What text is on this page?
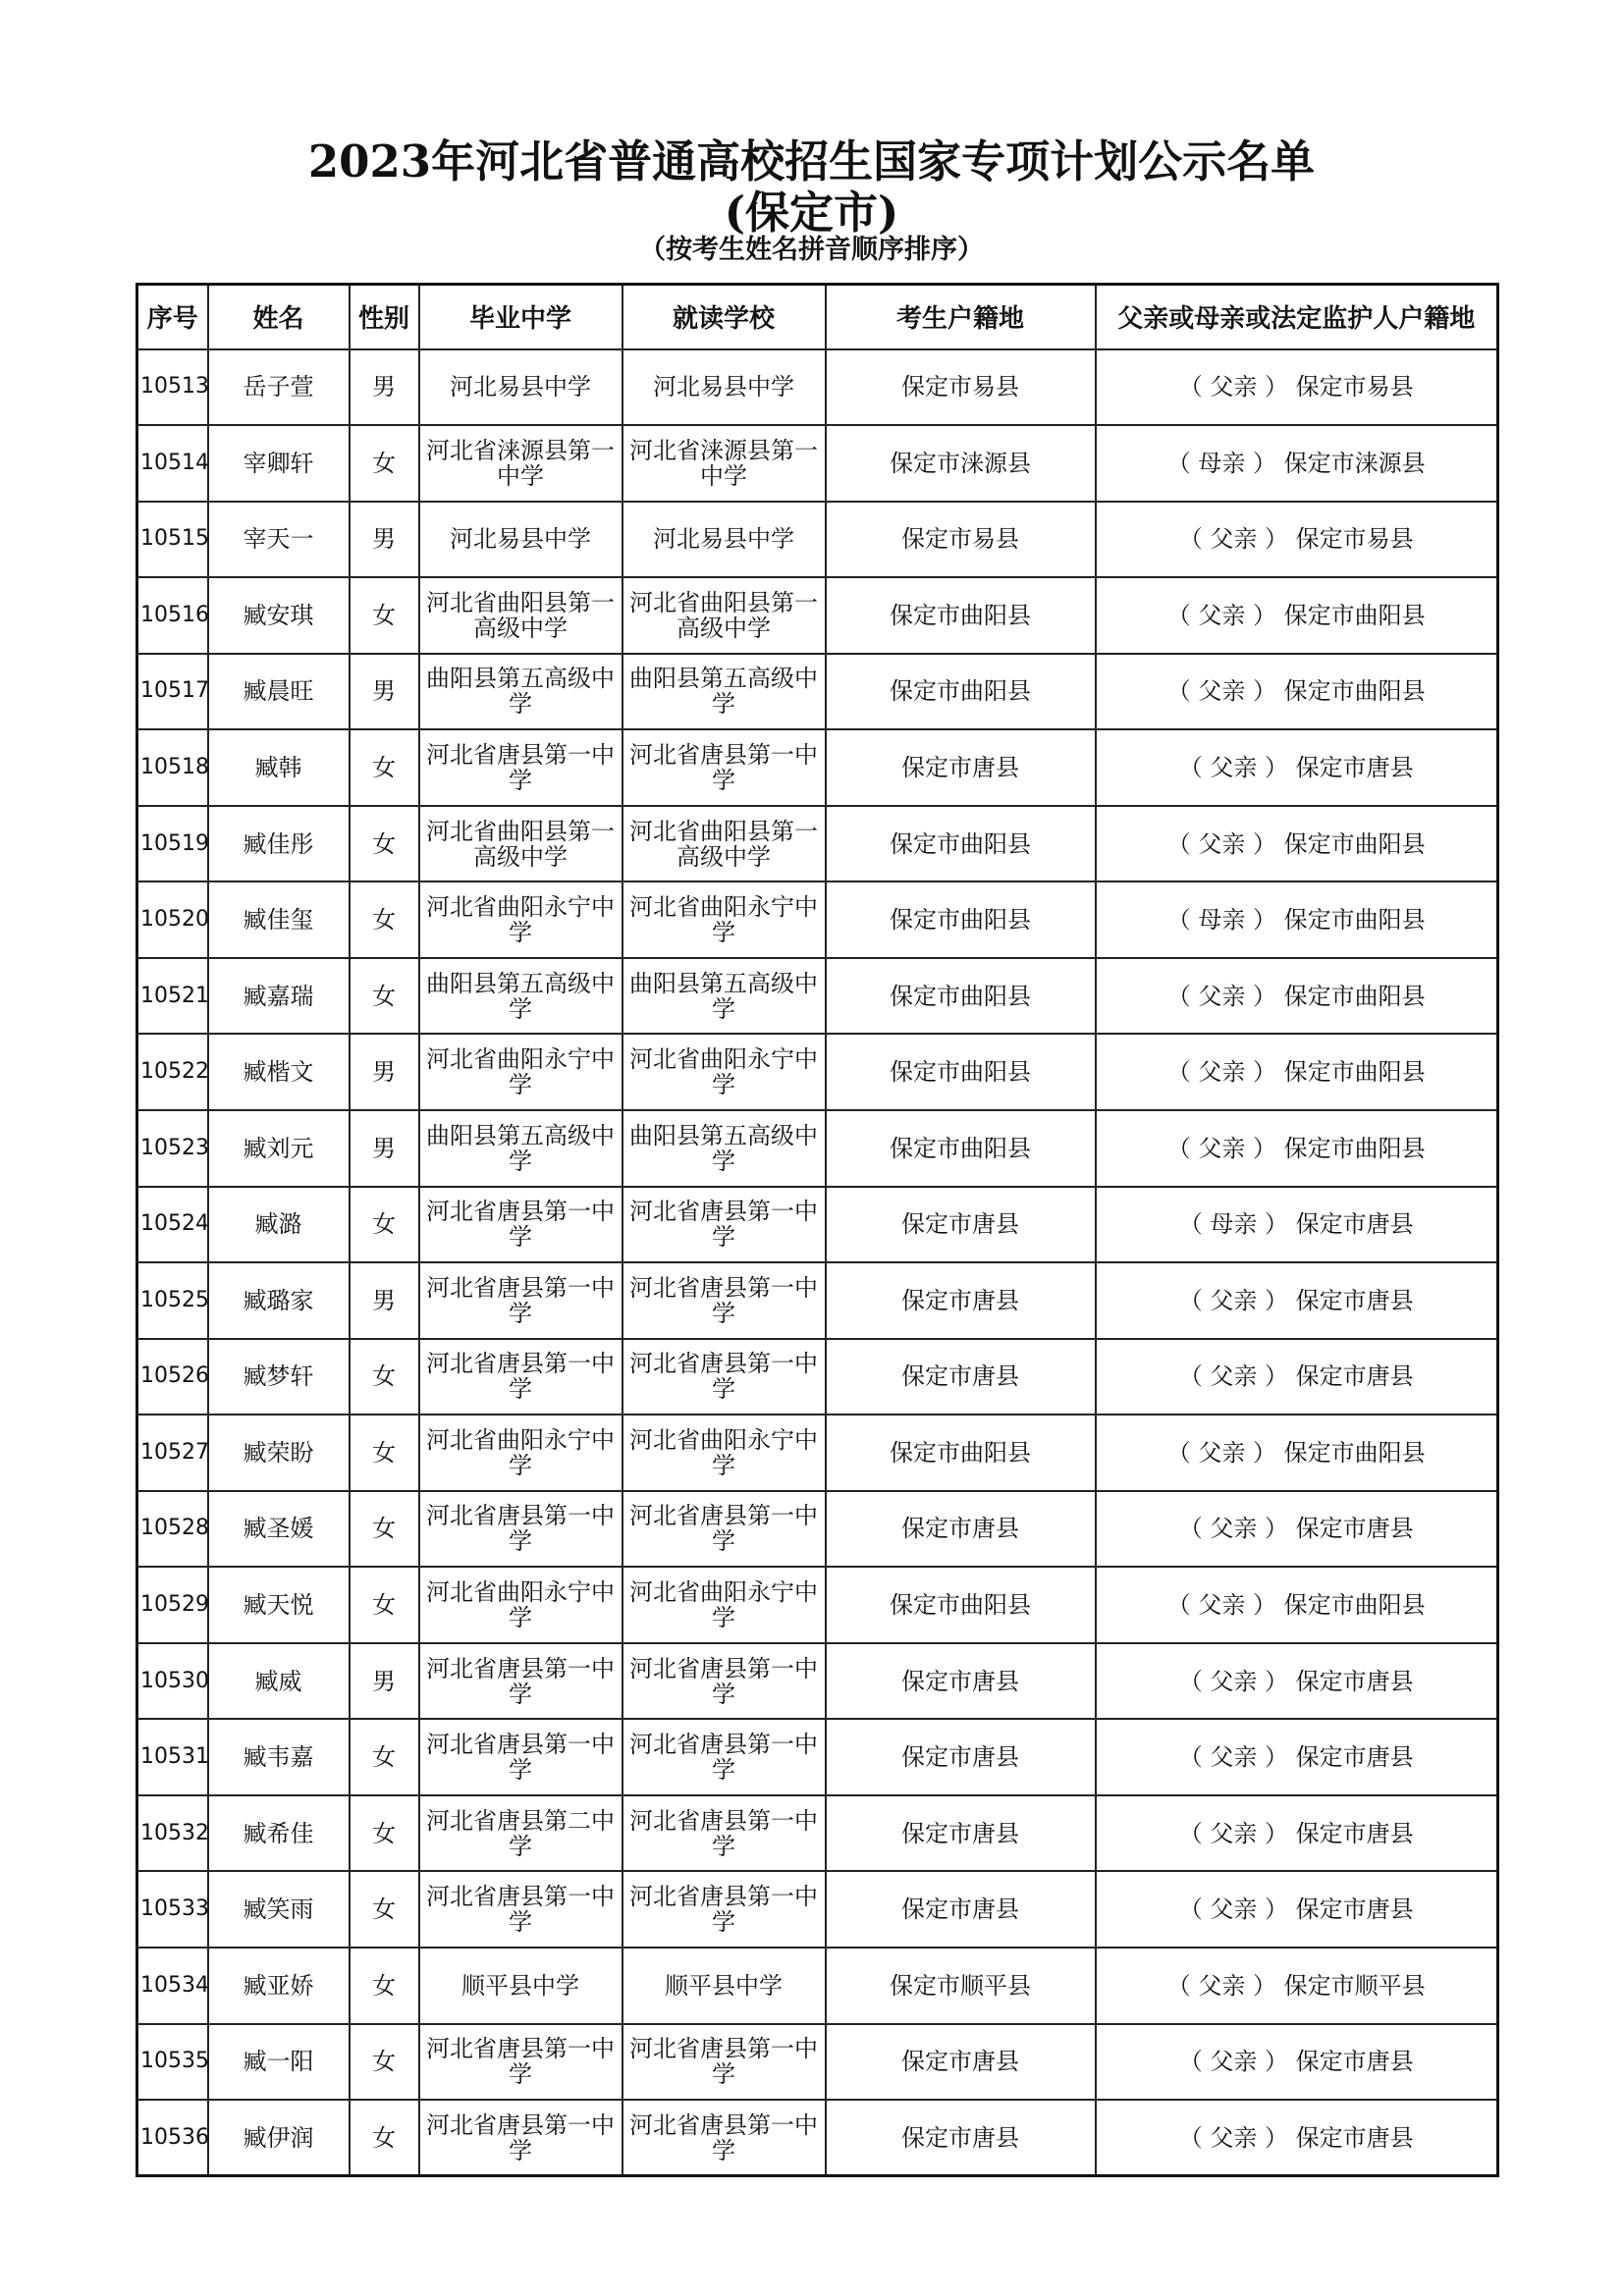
2023年河北省普通高校招生国家专项计划公示名单
(保定市)
（按考生姓名拼音顺序排序）
序号	姓名	性别	毕业中学	就读学校	考生户籍地	父亲或母亲或法定监护人户籍地
10513	岳子萱	男	河北易县中学	河北易县中学	保定市易县	（ 父亲 ） 保定市易县
10514	宰卿轩	女	河北省涞源县第一中学	河北省涞源县第一中学	保定市涞源县	（ 母亲 ） 保定市涞源县
10515	宰天一	男	河北易县中学	河北易县中学	保定市易县	（ 父亲 ） 保定市易县
10516	臧安琪	女	河北省曲阳县第一高级中学	河北省曲阳县第一高级中学	保定市曲阳县	（ 父亲 ） 保定市曲阳县
10517	臧晨旺	男	曲阳县第五高级中学	曲阳县第五高级中学	保定市曲阳县	（ 父亲 ） 保定市曲阳县
10518	臧韩	女	河北省唐县第一中学	河北省唐县第一中学	保定市唐县	（ 父亲 ） 保定市唐县
10519	臧佳彤	女	河北省曲阳县第一高级中学	河北省曲阳县第一高级中学	保定市曲阳县	（ 父亲 ） 保定市曲阳县
10520	臧佳玺	女	河北省曲阳永宁中学	河北省曲阳永宁中学	保定市曲阳县	（ 母亲 ） 保定市曲阳县
10521	臧嘉瑞	女	曲阳县第五高级中学	曲阳县第五高级中学	保定市曲阳县	（ 父亲 ） 保定市曲阳县
10522	臧楷文	男	河北省曲阳永宁中学	河北省曲阳永宁中学	保定市曲阳县	（ 父亲 ） 保定市曲阳县
10523	臧刘元	男	曲阳县第五高级中学	曲阳县第五高级中学	保定市曲阳县	（ 父亲 ） 保定市曲阳县
10524	臧潞	女	河北省唐县第一中学	河北省唐县第一中学	保定市唐县	（ 母亲 ） 保定市唐县
10525	臧璐家	男	河北省唐县第一中学	河北省唐县第一中学	保定市唐县	（ 父亲 ） 保定市唐县
10526	臧梦轩	女	河北省唐县第一中学	河北省唐县第一中学	保定市唐县	（ 父亲 ） 保定市唐县
10527	臧荣盼	女	河北省曲阳永宁中学	河北省曲阳永宁中学	保定市曲阳县	（ 父亲 ） 保定市曲阳县
10528	臧圣媛	女	河北省唐县第一中学	河北省唐县第一中学	保定市唐县	（ 父亲 ） 保定市唐县
10529	臧天悦	女	河北省曲阳永宁中学	河北省曲阳永宁中学	保定市曲阳县	（ 父亲 ） 保定市曲阳县
10530	臧威	男	河北省唐县第一中学	河北省唐县第一中学	保定市唐县	（ 父亲 ） 保定市唐县
10531	臧韦嘉	女	河北省唐县第一中学	河北省唐县第一中学	保定市唐县	（ 父亲 ） 保定市唐县
10532	臧希佳	女	河北省唐县第二中学	河北省唐县第一中学	保定市唐县	（ 父亲 ） 保定市唐县
10533	臧笑雨	女	河北省唐县第一中学	河北省唐县第一中学	保定市唐县	（ 父亲 ） 保定市唐县
10534	臧亚娇	女	顺平县中学	顺平县中学	保定市顺平县	（ 父亲 ） 保定市顺平县
10535	臧一阳	女	河北省唐县第一中学	河北省唐县第一中学	保定市唐县	（ 父亲 ） 保定市唐县
10536	臧伊润	女	河北省唐县第一中学	河北省唐县第一中学	保定市唐县	（ 父亲 ） 保定市唐县
